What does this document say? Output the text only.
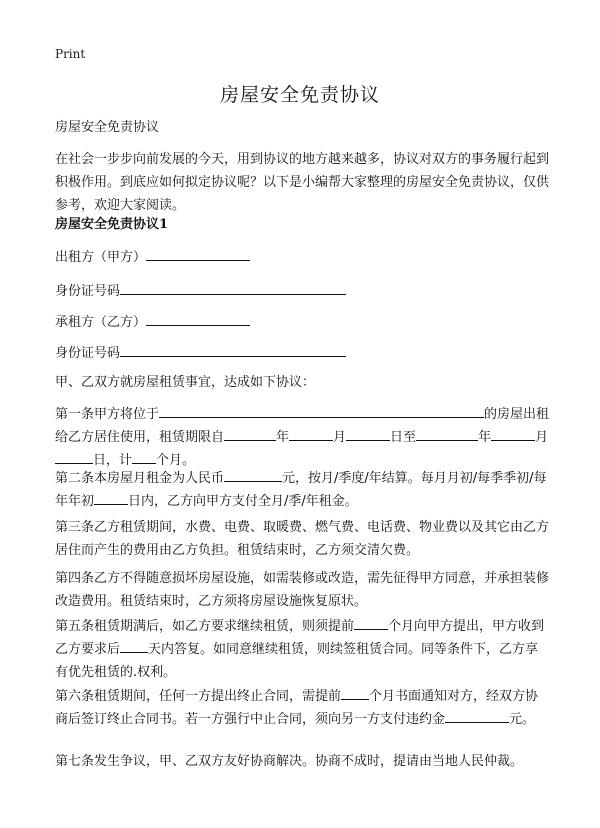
Print
房屋安全免责协议

房屋安全免责协议

在社会一步步向前发展的今天，用到协议的地方越来越多，协议对双方的事务履行起到积极作用。到底应如何拟定协议呢？以下是小编帮大家整理的房屋安全免责协议，仅供参考，欢迎大家阅读。

房屋安全免责协议1

出租方（甲方）

身份证号码

承租方（乙方）

身份证号码

甲、乙双方就房屋租赁事宜，达成如下协议：

第一条甲方将位于	的房屋出租给乙方居住使用，租赁期限自	年	月	日至	年	月日，计 个月。

第二条本房屋月租金为人民币	元，按月/季度/年结算。每月月初/每季季初/每年年初	日内，乙方向甲方支付全月/季/年租金。

第三条乙方租赁期间，水费、电费、取暖费、燃气费、电话费、物业费以及其它由乙方居住而产生的费用由乙方负担。租赁结束时，乙方须交清欠费。

第四条乙方不得随意损坏房屋设施，如需装修或改造，需先征得甲方同意，并承担装修改造费用。租赁结束时，乙方须将房屋设施恢复原状。

第五条租赁期满后，如乙方要求继续租赁，则须提前	个月向甲方提出，甲方收到乙方要求后 天内答复。如同意继续租赁，则续签租赁合同。同等条件下，乙方享有优先租赁的.权利。

第六条租赁期间，任何一方提出终止合同，需提前 个月书面通知对方，经双方协商后签订终止合同书。若一方强行中止合同，须向另一方支付违约金	元。

第七条发生争议，甲、乙双方友好协商解决。协商不成时，提请由当地人民仲裁。
